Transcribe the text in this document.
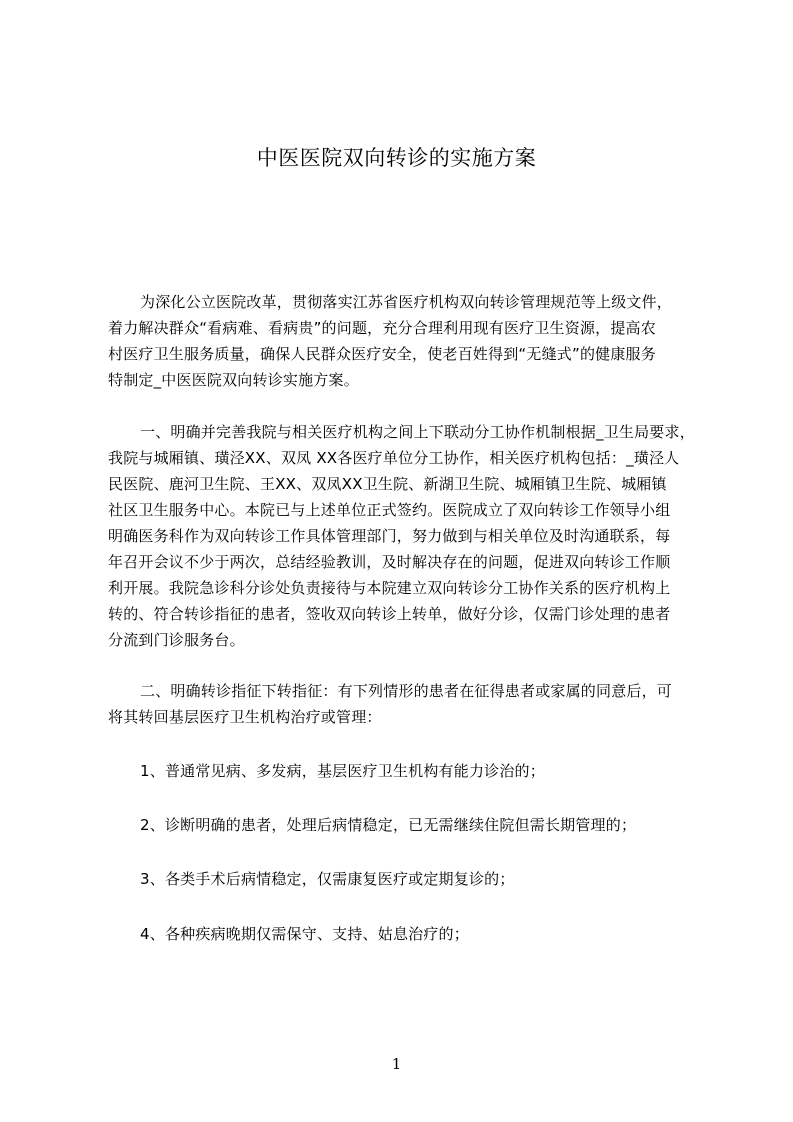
中医医院双向转诊的实施方案
为深化公立医院改革，贯彻落实江苏省医疗机构双向转诊管理规范等上级文件，
着力解决群众“看病难、看病贵”的问题，充分合理利用现有医疗卫生资源，提高农
村医疗卫生服务质量，确保人民群众医疗安全，使老百姓得到“无缝式”的健康服务
特制定_中医医院双向转诊实施方案。
一、明确并完善我院与相关医疗机构之间上下联动分工协作机制根据_卫生局要求，
我院与城厢镇、璜泾XX、双凤 XX各医疗单位分工协作，相关医疗机构包括：_璜泾人
民医院、鹿河卫生院、王XX、双凤XX卫生院、新湖卫生院、城厢镇卫生院、城厢镇
社区卫生服务中心。本院已与上述单位正式签约。医院成立了双向转诊工作领导小组
明确医务科作为双向转诊工作具体管理部门，努力做到与相关单位及时沟通联系，每
年召开会议不少于两次，总结经验教训，及时解决存在的问题，促进双向转诊工作顺
利开展。我院急诊科分诊处负责接待与本院建立双向转诊分工协作关系的医疗机构上
转的、符合转诊指征的患者，签收双向转诊上转单，做好分诊，仅需门诊处理的患者
分流到门诊服务台。
二、明确转诊指征下转指征：有下列情形的患者在征得患者或家属的同意后，可
将其转回基层医疗卫生机构治疗或管理：
1、普通常见病、多发病，基层医疗卫生机构有能力诊治的；
2、诊断明确的患者，处理后病情稳定，已无需继续住院但需长期管理的；
3、各类手术后病情稳定，仅需康复医疗或定期复诊的；
4、各种疾病晚期仅需保守、支持、姑息治疗的；
1
